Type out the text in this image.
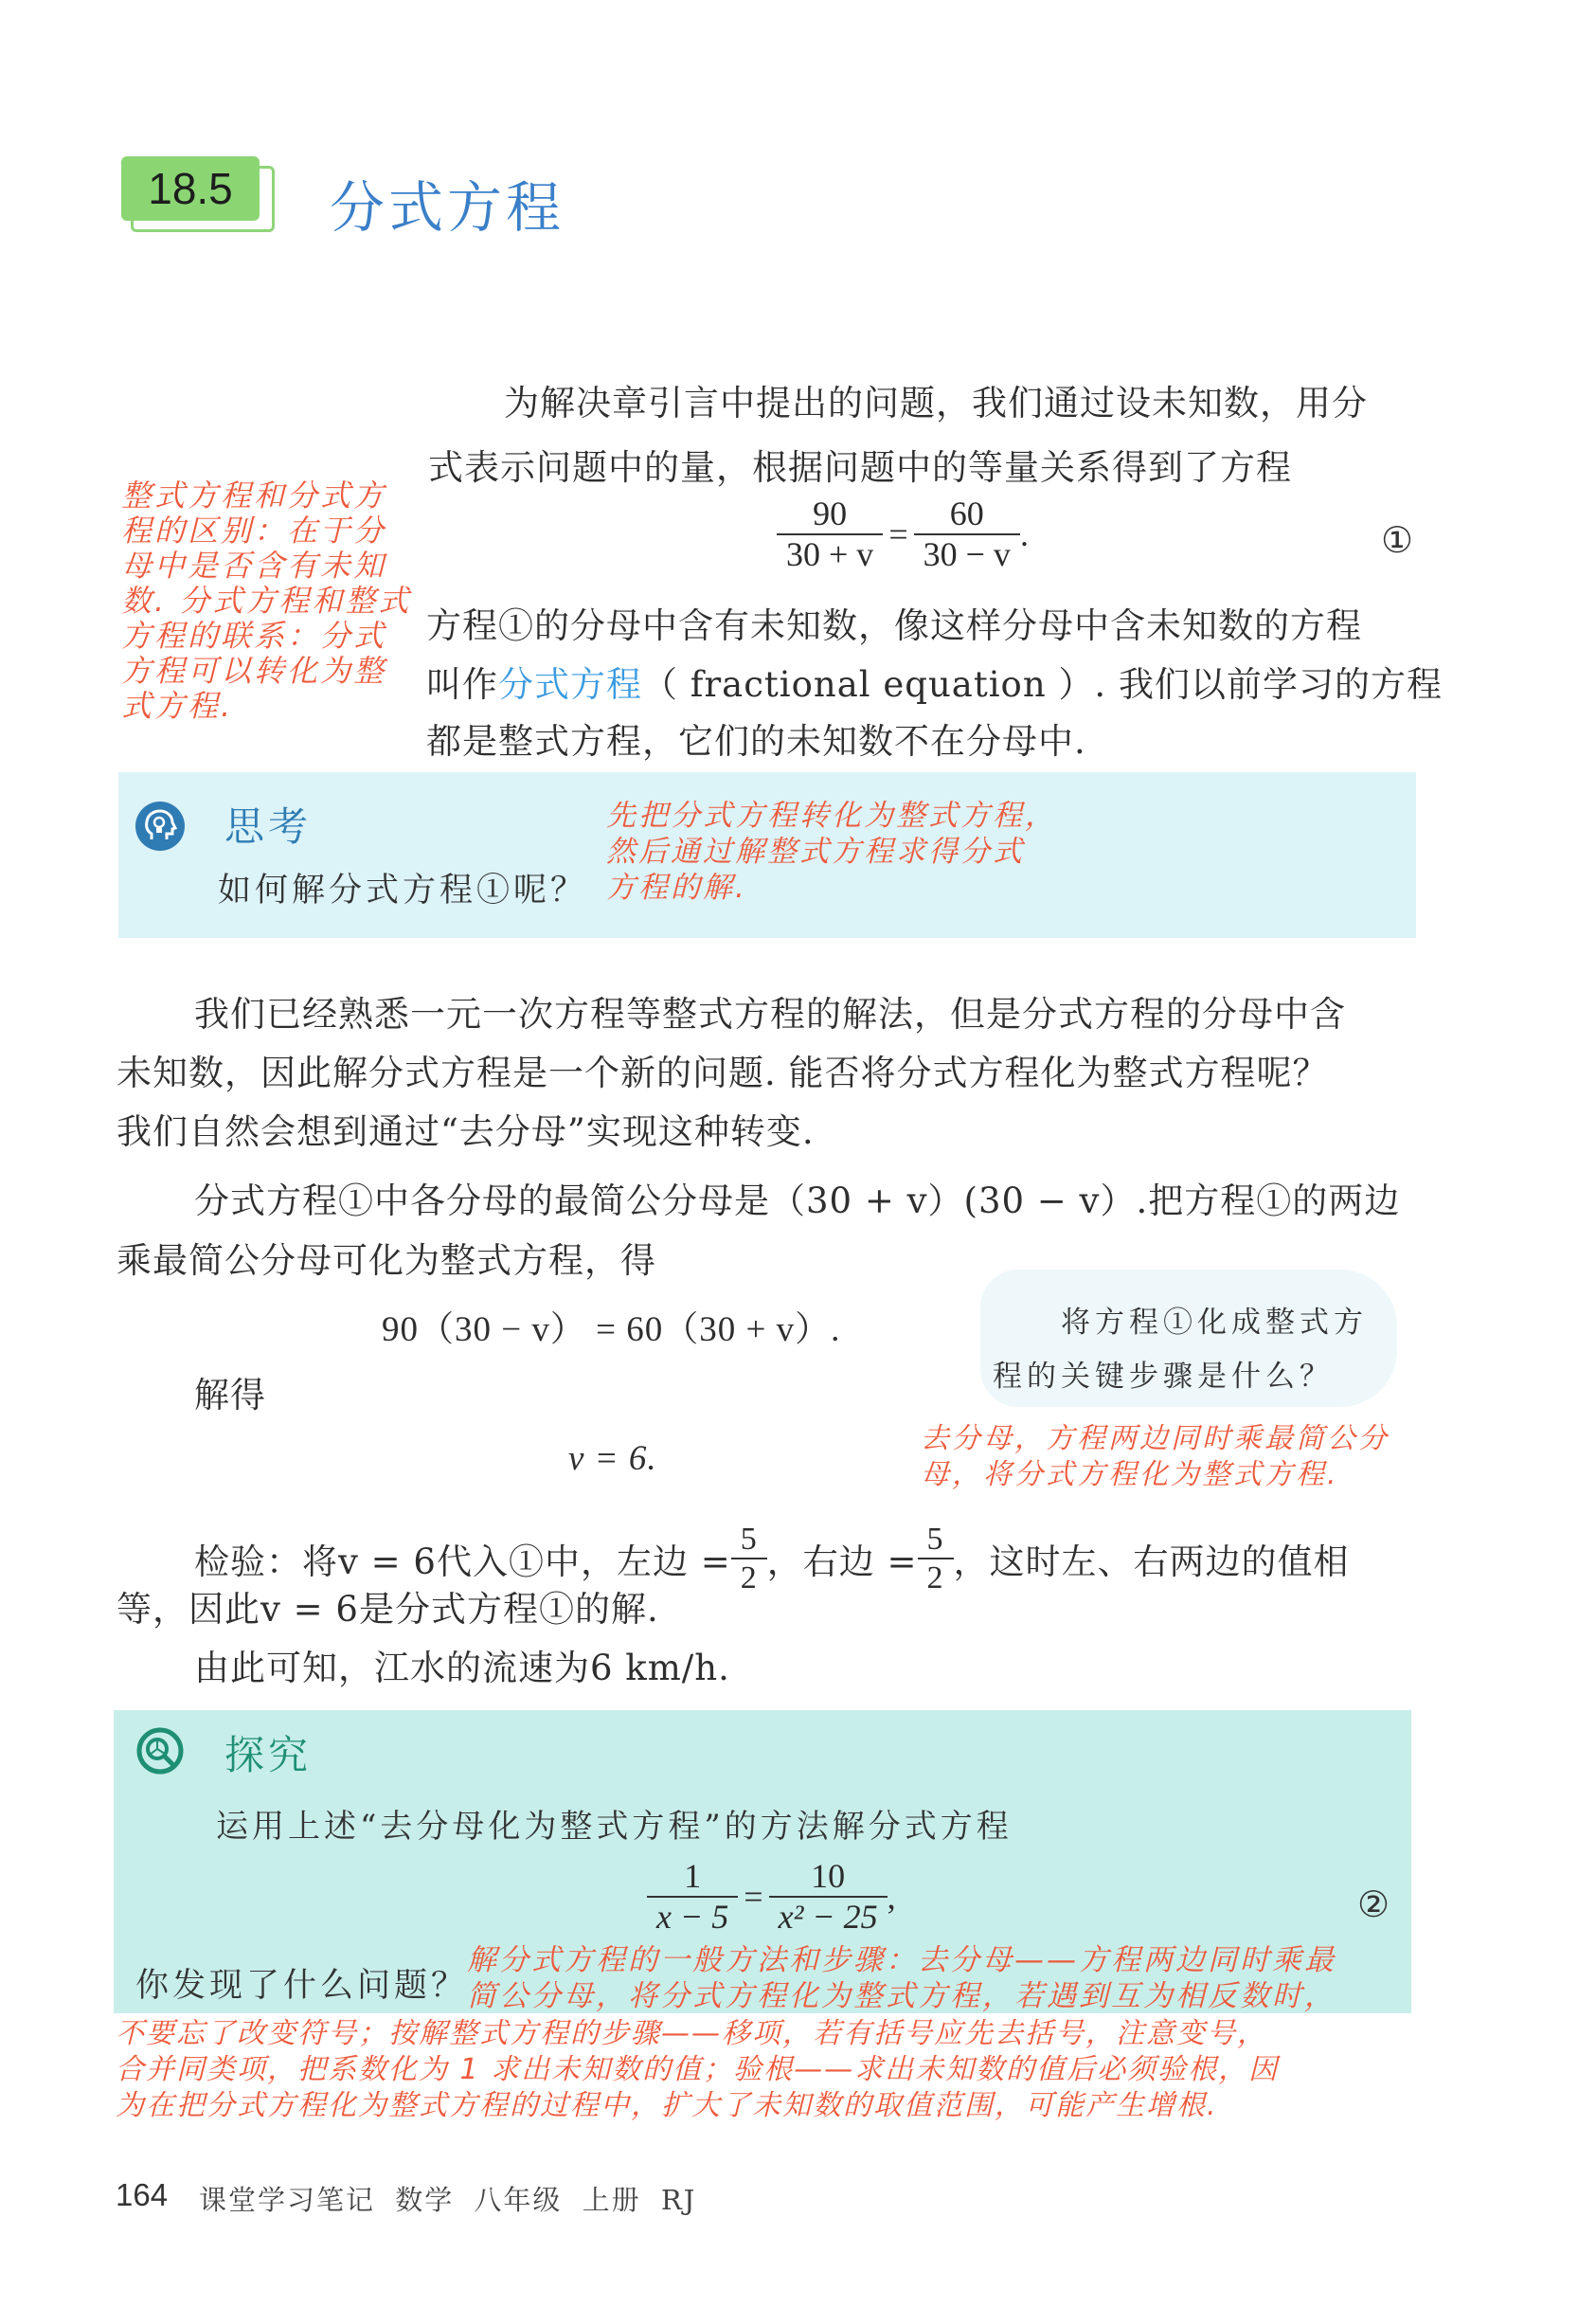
18.5	分式方程
为解决章引言中提出的问题，我们通过设未知数，用分
式表示问题中的量，根据问题中的等量关系得到了方程
$\frac{90}{30 + v} = \frac{60}{30 - v}$ .	①
整式方程和分式方
程的区别：在于分
母中是否含有未知
数. 分式方程和整式
方程的联系：分式
方程可以转化为整
式方程.
方程①的分母中含有未知数，像这样分母中含未知数的方程
叫作分式方程（ fractional equation ）. 我们以前学习的方程
都是整式方程，它们的未知数不在分母中.
思考
如何解分式方程①呢？
先把分式方程转化为整式方程，
然后通过解整式方程求得分式
方程的解.
我们已经熟悉一元一次方程等整式方程的解法，但是分式方程的分母中含
未知数，因此解分式方程是一个新的问题. 能否将分式方程化为整式方程呢？
我们自然会想到通过“去分母”实现这种转变.
分式方程①中各分母的最简公分母是（30 + v）(30 − v）.把方程①的两边
乘最简公分母可化为整式方程，得
90（30 − v） = 60（30 + v）.
解得
v = 6.
将方程①化成整式方
程的关键步骤是什么？
去分母，方程两边同时乘最简公分
母，将分式方程化为整式方程.
检验：将v = 6代入①中，左边 = $\frac{5}{2}$ ，右边 = $\frac{5}{2}$ ，这时左、右两边的值相
等，因此v = 6是分式方程①的解.
由此可知，江水的流速为6 km/h.
探究
运用上述“去分母化为整式方程”的方法解分式方程
$\frac{1}{x - 5} = \frac{10}{\text{x² − 25}}$ ,	②
你发现了什么问题？
解分式方程的一般方法和步骤：去分母——方程两边同时乘最
简公分母，将分式方程化为整式方程，若遇到互为相反数时，
不要忘了改变符号；按解整式方程的步骤——移项，若有括号应先去括号，注意变号，
合并同类项，把系数化为 1 求出未知数的值；验根——求出未知数的值后必须验根，因
为在把分式方程化为整式方程的过程中，扩大了未知数的取值范围，可能产生增根.
164 课堂学习笔记 数学 八年级 上册 RJ
